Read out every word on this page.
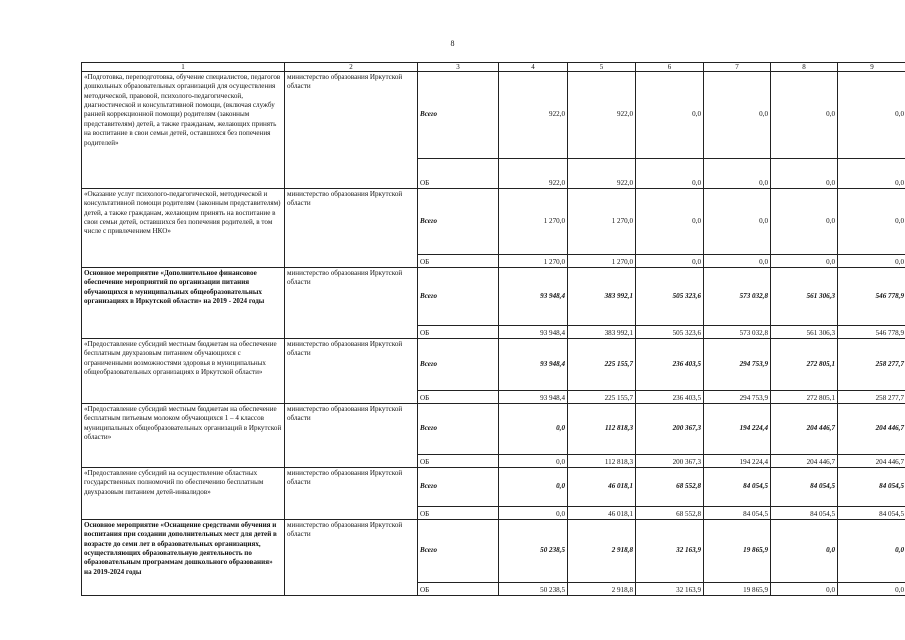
8
1	2	3	4	5	6	7	8	9
«Подготовка, переподготовка, обучение специалистов, педагогов дошкольных образовательных организаций для осуществления методической, правовой, психолого-педагогической, диагностической и консультативной помощи, (включая службу ранней коррекционной помощи) родителям (законным представителям) детей, а также гражданам, желающих принять на воспитание в свои семьи детей, оставшихся без попечения родителей»	министерство образования Иркутской области	Всего	922,0	922,0	0,0	0,0	0,0	0,0
		ОБ	922,0	922,0	0,0	0,0	0,0	0,0
«Оказание услуг психолого-педагогической, методической и консультативной помощи родителям (законным представителям) детей, а также гражданам, желающим принять на воспитание в свои семьи детей, оставшихся без попечения родителей, в том числе с привлечением НКО»	министерство образования Иркутской области	Всего	1 270,0	1 270,0	0,0	0,0	0,0	0,0
		ОБ	1 270,0	1 270,0	0,0	0,0	0,0	0,0
Основное мероприятие «Дополнительное финансовое обеспечение мероприятий по организации питания обучающихся в муниципальных общеобразовательных организациях в Иркутской области» на 2019 - 2024 годы	министерство образования Иркутской области	Всего	93 948,4	383 992,1	505 323,6	573 032,8	561 306,3	546 778,9
		ОБ	93 948,4	383 992,1	505 323,6	573 032,8	561 306,3	546 778,9
«Предоставление субсидий местным бюджетам на обеспечение бесплатным двухразовым питанием обучающихся с ограниченными возможностями здоровья в муниципальных общеобразовательных организациях в Иркутской области»	министерство образования Иркутской области	Всего	93 948,4	225 155,7	236 403,5	294 753,9	272 805,1	258 277,7
		ОБ	93 948,4	225 155,7	236 403,5	294 753,9	272 805,1	258 277,7
«Предоставление субсидий местным бюджетам на обеспечение бесплатным питьевым молоком обучающихся 1 – 4 классов муниципальных общеобразовательных организаций в Иркутской области»	министерство образования Иркутской области	Всего	0,0	112 818,3	200 367,3	194 224,4	204 446,7	204 446,7
		ОБ	0,0	112 818,3	200 367,3	194 224,4	204 446,7	204 446,7
«Предоставление субсидий на осуществление областных государственных полномочий по обеспечению бесплатным двухразовым питанием детей-инвалидов»	министерство образования Иркутской области	Всего	0,0	46 018,1	68 552,8	84 054,5	84 054,5	84 054,5
		ОБ	0,0	46 018,1	68 552,8	84 054,5	84 054,5	84 054,5
Основное мероприятие «Оснащение средствами обучения и воспитания при создании дополнительных мест для детей в возрасте до семи лет в образовательных организациях, осуществляющих образовательную деятельность по образовательным программам дошкольного образования» на 2019-2024 годы	министерство образования Иркутской области	Всего	50 238,5	2 918,8	32 163,9	19 865,9	0,0	0,0
		ОБ	50 238,5	2 918,8	32 163,9	19 865,9	0,0	0,0
